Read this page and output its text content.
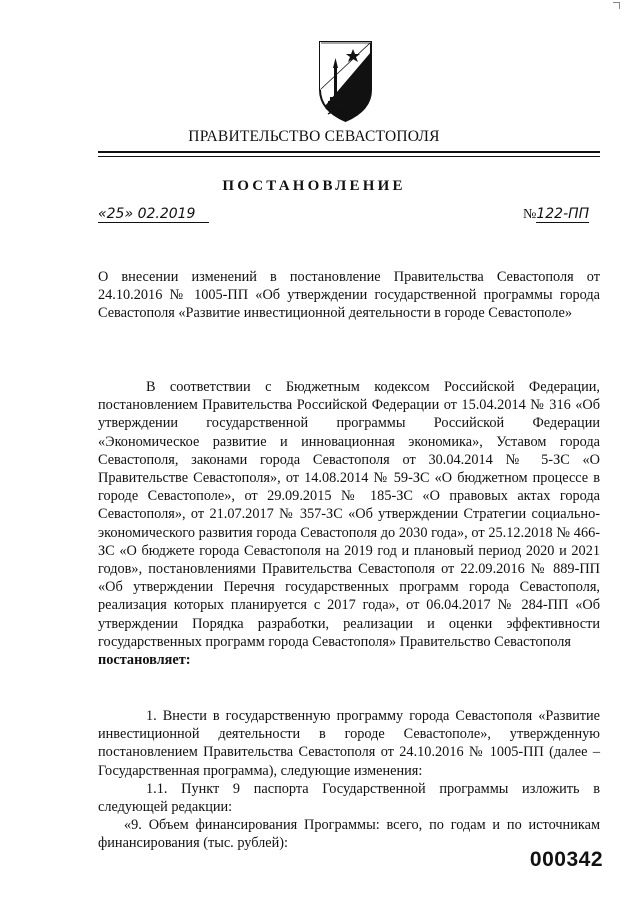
ПРАВИТЕЛЬСТВО СЕВАСТОПОЛЯ
ПОСТАНОВЛЕНИЕ
«25» 02.2019	№122-ПП

О внесении изменений в постановление Правительства Севастополя от 24.10.2016 № 1005-ПП «Об утверждении государственной программы города Севастополя «Развитие инвестиционной деятельности в городе Севастополе»

В соответствии с Бюджетным кодексом Российской Федерации, постановлением Правительства Российской Федерации от 15.04.2014 № 316 «Об утверждении государственной программы Российской Федерации «Экономическое развитие и инновационная экономика», Уставом города Севастополя, законами города Севастополя от 30.04.2014 № 5-ЗС «О Правительстве Севастополя», от 14.08.2014 № 59-ЗС «О бюджетном процессе в городе Севастополе», от 29.09.2015 № 185-ЗС «О правовых актах города Севастополя», от 21.07.2017 № 357-ЗС «Об утверждении Стратегии социально-экономического развития города Севастополя до 2030 года», от 25.12.2018 № 466-ЗС «О бюджете города Севастополя на 2019 год и плановый период 2020 и 2021 годов», постановлениями Правительства Севастополя от 22.09.2016 № 889-ПП «Об утверждении Перечня государственных программ города Севастополя, реализация которых планируется с 2017 года», от 06.04.2017 № 284-ПП «Об утверждении Порядка разработки, реализации и оценки эффективности государственных программ города Севастополя» Правительство Севастополя
постановляет:

1. Внести в государственную программу города Севастополя «Развитие инвестиционной деятельности в городе Севастополе», утвержденную постановлением Правительства Севастополя от 24.10.2016 № 1005-ПП (далее – Государственная программа), следующие изменения:

1.1. Пункт 9 паспорта Государственной программы изложить в следующей редакции:

«9. Объем финансирования Программы: всего, по годам и по источникам финансирования (тыс. рублей):

000342
